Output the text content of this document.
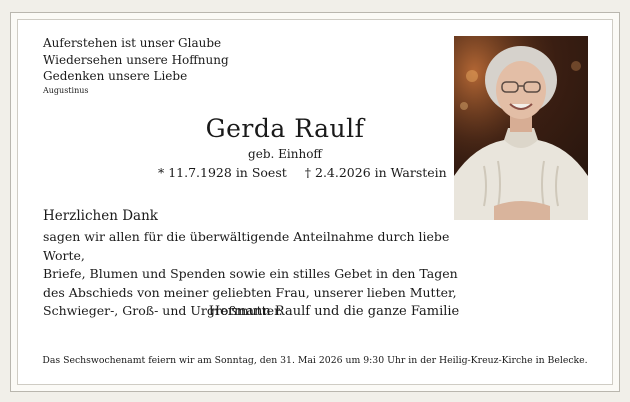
Auferstehen ist unser Glaube
Wiedersehen unsere Hoffnung
Gedenken unsere Liebe
Augustinus
Gerda Raulf
geb. Einhoff
* 11.7.1928 in Soest † 2.4.2026 in Warstein
Herzlichen Dank
sagen wir allen für die überwältigende Anteilnahme durch liebe Worte,
Briefe, Blumen und Spenden sowie ein stilles Gebet in den Tagen
des Abschieds von meiner geliebten Frau, unserer lieben Mutter,
Schwieger-, Groß- und Urgroßmutter.
Hermann Raulf und die ganze Familie
Das Sechswochenamt feiern wir am Sonntag, den 31. Mai 2026 um 9:30 Uhr in der Heilig-Kreuz-Kirche in Belecke.
